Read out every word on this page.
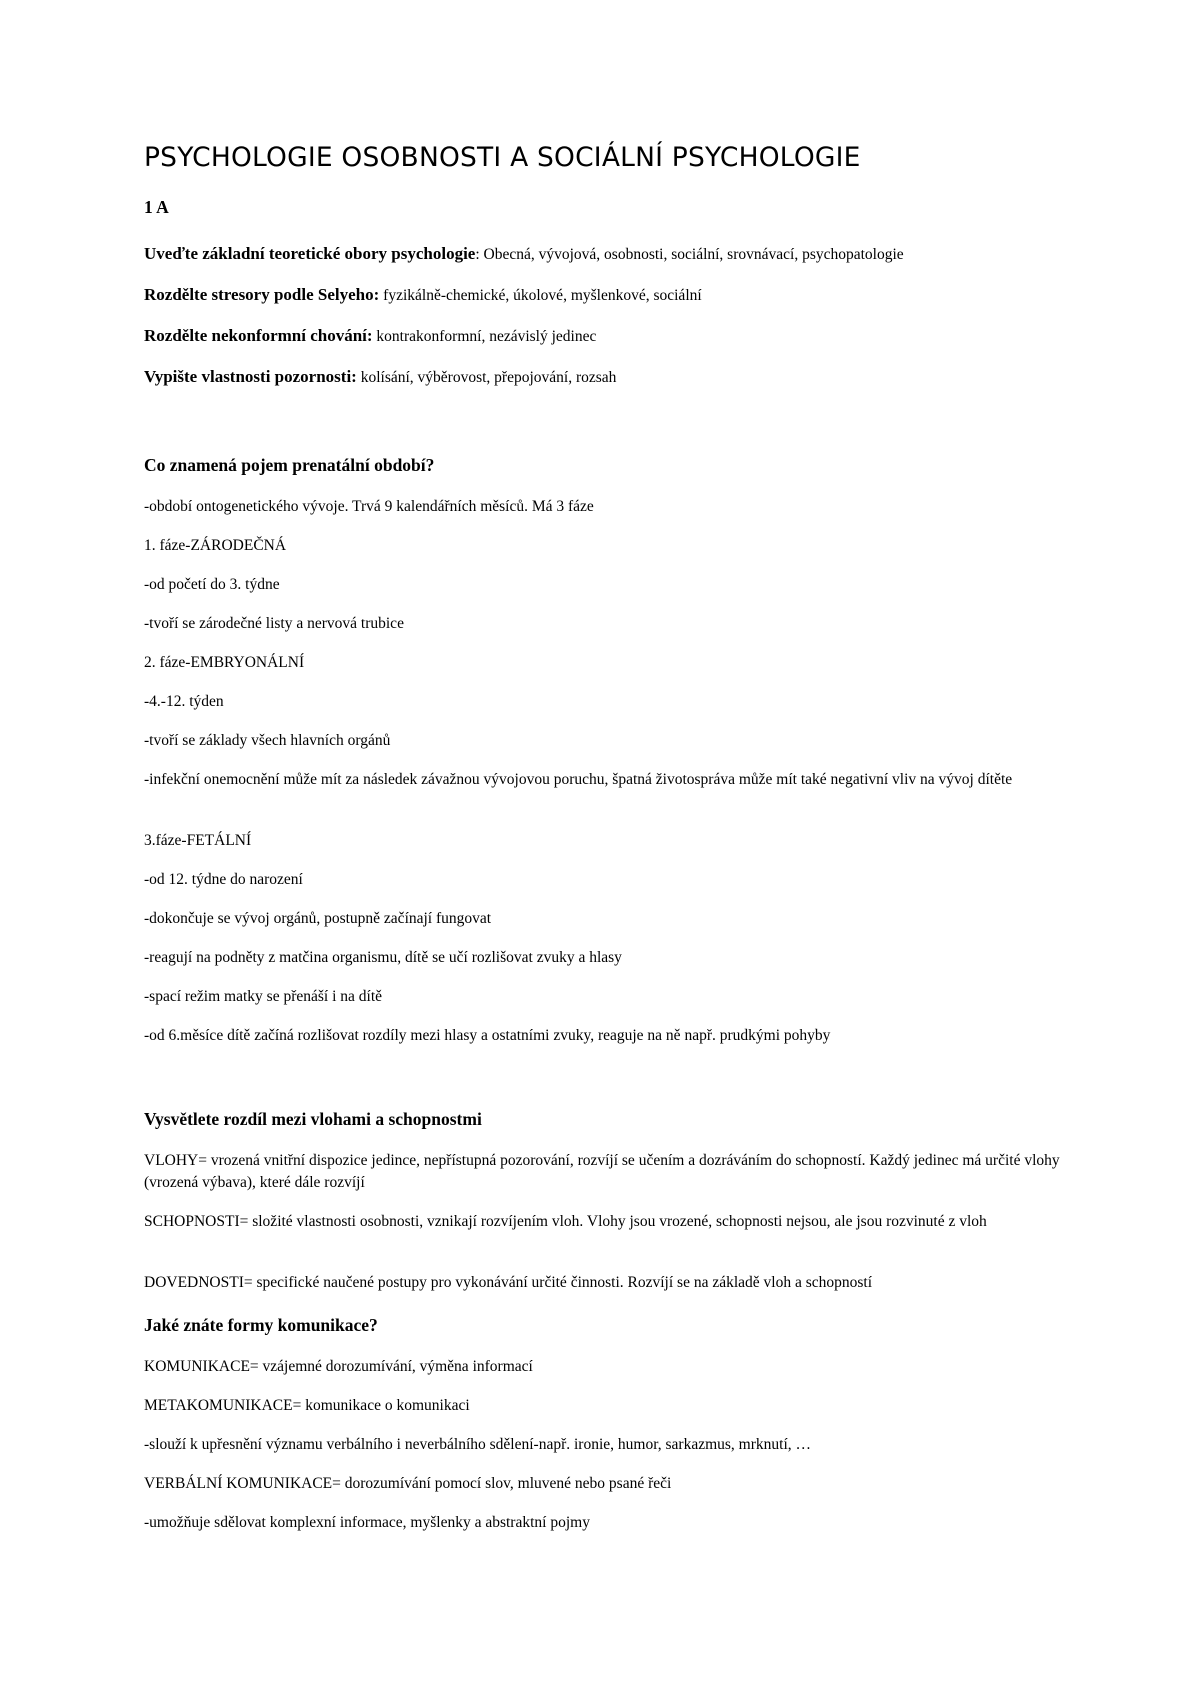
PSYCHOLOGIE OSOBNOSTI A SOCIÁLNÍ PSYCHOLOGIE
1 A
Uveďte základní teoretické obory psychologie: Obecná, vývojová, osobnosti, sociální, srovnávací, psychopatologie
Rozdělte stresory podle Selyeho: fyzikálně-chemické, úkolové, myšlenkové, sociální
Rozdělte nekonformní chování: kontrakonformní, nezávislý jedinec
Vypište vlastnosti pozornosti: kolísání, výběrovost, přepojování, rozsah
Co znamená pojem prenatální období?
-období ontogenetického vývoje. Trvá 9 kalendářních měsíců. Má 3 fáze
1. fáze-ZÁRODEČNÁ
-od početí do 3. týdne
-tvoří se zárodečné listy a nervová trubice
2. fáze-EMBRYONÁLNÍ
-4.-12. týden
-tvoří se základy všech hlavních orgánů
-infekční onemocnění může mít za následek závažnou vývojovou poruchu, špatná životospráva může mít také negativní vliv na vývoj dítěte
3.fáze-FETÁLNÍ
-od 12. týdne do narození
-dokončuje se vývoj orgánů, postupně začínají fungovat
-reagují na podněty z matčina organismu, dítě se učí rozlišovat zvuky a hlasy
-spací režim matky se přenáší i na dítě
-od 6.měsíce dítě začíná rozlišovat rozdíly mezi hlasy a ostatními zvuky, reaguje na ně např. prudkými pohyby
Vysvětlete rozdíl mezi vlohami a schopnostmi
VLOHY= vrozená vnitřní dispozice jedince, nepřístupná pozorování, rozvíjí se učením a dozráváním do schopností. Každý jedinec má určité vlohy (vrozená výbava), které dále rozvíjí
SCHOPNOSTI= složité vlastnosti osobnosti, vznikají rozvíjením vloh. Vlohy jsou vrozené, schopnosti nejsou, ale jsou rozvinuté z vloh
DOVEDNOSTI= specifické naučené postupy pro vykonávání určité činnosti. Rozvíjí se na základě vloh a schopností
Jaké znáte formy komunikace?
KOMUNIKACE= vzájemné dorozumívání, výměna informací
METAKOMUNIKACE= komunikace o komunikaci
-slouží k upřesnění významu verbálního i neverbálního sdělení-např. ironie, humor, sarkazmus, mrknutí, …
VERBÁLNÍ KOMUNIKACE= dorozumívání pomocí slov, mluvené nebo psané řeči
-umožňuje sdělovat komplexní informace, myšlenky a abstraktní pojmy
